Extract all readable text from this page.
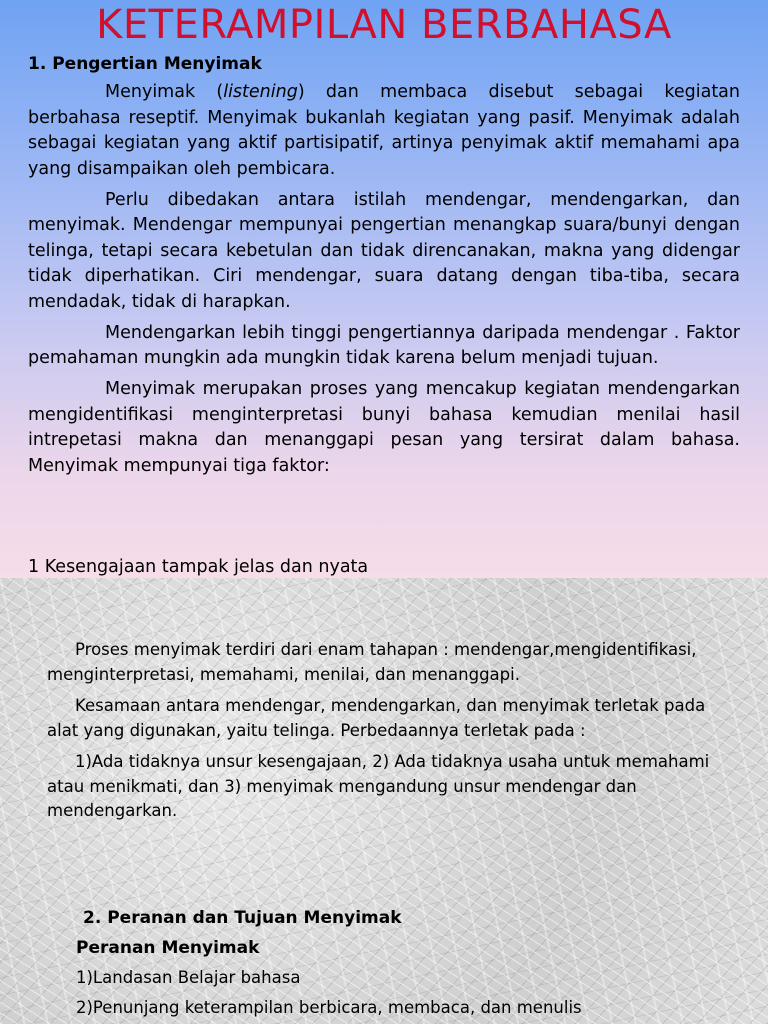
KETERAMPILAN BERBAHASA
1. Pengertian Menyimak

Menyimak (listening) dan membaca disebut sebagai kegiatan berbahasa reseptif. Menyimak bukanlah kegiatan yang pasif. Menyimak adalah sebagai kegiatan yang aktif partisipatif, artinya penyimak aktif memahami apa yang disampaikan oleh pembicara.

Perlu dibedakan antara istilah mendengar, mendengarkan, dan menyimak. Mendengar mempunyai pengertian menangkap suara/bunyi dengan telinga, tetapi secara kebetulan dan tidak direncanakan, makna yang didengar tidak diperhatikan. Ciri mendengar, suara datang dengan tiba-tiba, secara mendadak, tidak di harapkan.

Mendengarkan lebih tinggi pengertiannya daripada mendengar . Faktor pemahaman mungkin ada mungkin tidak karena belum menjadi tujuan.

Menyimak merupakan proses yang mencakup kegiatan mendengarkan mengidentifikasi menginterpretasi bunyi bahasa kemudian menilai hasil intrepetasi makna dan menanggapi pesan yang tersirat dalam bahasa. Menyimak mempunyai tiga faktor:

1 Kesengajaan tampak jelas dan nyata

Proses menyimak terdiri dari enam tahapan : mendengar,mengidentifikasi, menginterpretasi, memahami, menilai, dan menanggapi.

Kesamaan antara mendengar, mendengarkan, dan menyimak terletak pada alat yang digunakan, yaitu telinga. Perbedaannya terletak pada :

1)Ada tidaknya unsur kesengajaan, 2) Ada tidaknya usaha untuk memahami atau menikmati, dan 3) menyimak mengandung unsur mendengar dan mendengarkan.

2. Peranan dan Tujuan Menyimak
Peranan Menyimak
1)Landasan Belajar bahasa
2)Penunjang keterampilan berbicara, membaca, dan menulis
